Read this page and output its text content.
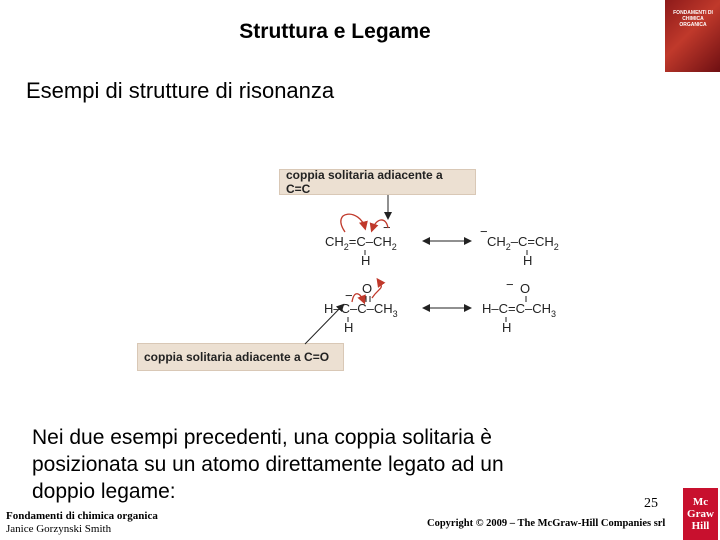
Struttura e Legame
Esempi di strutture di risonanza
FONDAMENTI DI CHIMICA ORGANICA
coppia solitaria adiacente a C=C
coppia solitaria adiacente a C=O
$CH_2=C-CH_2$
H
−	−
$CH_2-C=CH_2$
H
O
$H-C-C-CH_3$
H
−	O
−
$H-C=C-CH_3$
H
Nei due esempi precedenti, una coppia solitaria è
posizionata su un atomo direttamente legato ad un
doppio legame:
25
Fondamenti di chimica organica
Janice Gorzynski Smith	Copyright © 2009 – The McGraw-Hill Companies srl
Mc
Graw
Hill
